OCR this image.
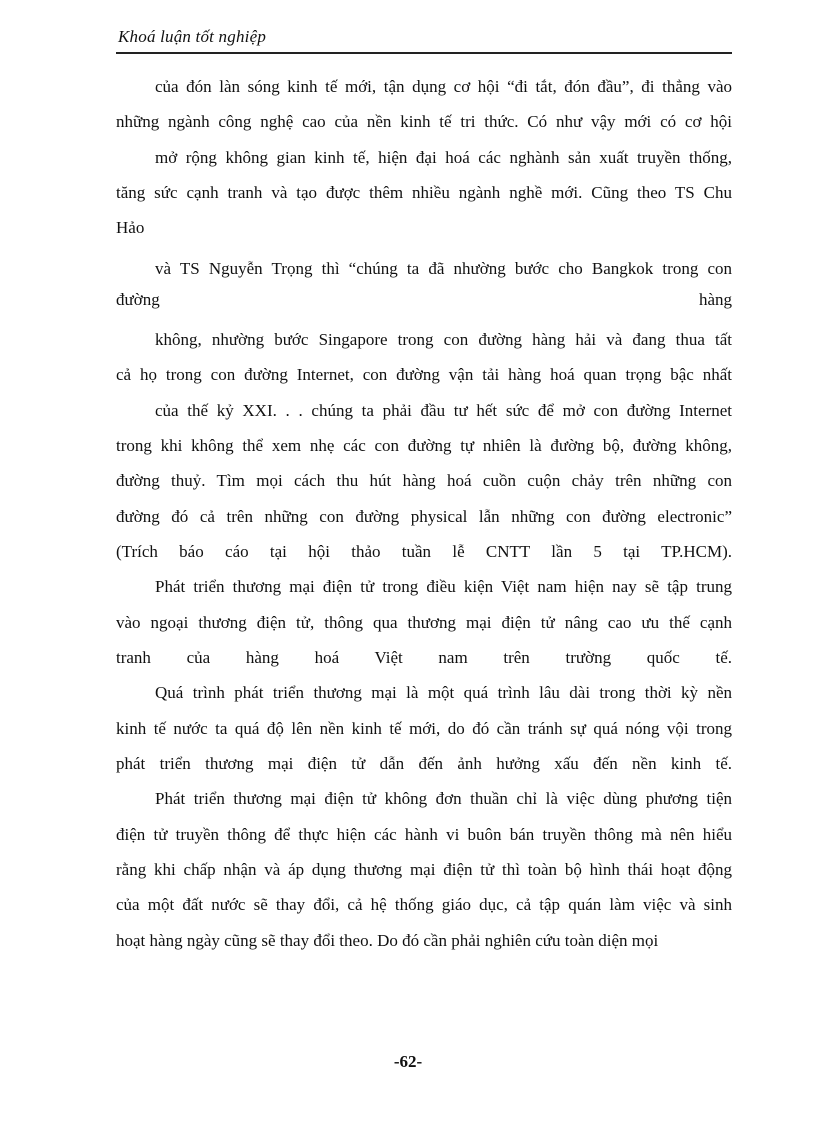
Khoá luận tốt nghiệp
của đón làn sóng kinh tế mới, tận dụng cơ hội “đi tắt, đón đầu”, đi thẳng vào
những ngành công nghệ cao của nền kinh tế tri thức. Có như vậy mới có cơ hội
mở rộng không gian kinh tế, hiện đại hoá các nghành sản xuất truyền thống,
tăng sức cạnh tranh và tạo được thêm nhiều ngành nghề mới. Cũng theo TS Chu
Hảo
và TS Nguyễn Trọng thì “chúng ta đã nhường bước cho Bangkok trong con
đường hàng
không, nhường bước Singapore trong con đường hàng hải và đang thua tất
cả họ trong con đường Internet, con đường vận tải hàng hoá quan trọng bậc nhất
của thế kỷ XXI. . . chúng ta phải đầu tư hết sức để mở con đường Internet
trong khi không thể xem nhẹ các con đường tự nhiên là đường bộ, đường không,
đường thuỷ. Tìm mọi cách thu hút hàng hoá cuồn cuộn chảy trên những con
đường đó cả trên những con đường physical lẫn những con đường electronic”
(Trích báo cáo tại hội thảo tuần lễ CNTT lần 5 tại TP.HCM).
Phát triển thương mại điện tử trong điều kiện Việt nam hiện nay sẽ tập trung
vào ngoại thương điện tử, thông qua thương mại điện tử nâng cao ưu thế cạnh
tranh của hàng hoá Việt nam trên trường quốc tế.
Quá trình phát triển thương mại là một quá trình lâu dài trong thời kỳ nền
kinh tế nước ta quá độ lên nền kinh tế mới, do đó cần tránh sự quá nóng vội trong
phát triển thương mại điện tử dẫn đến ảnh hưởng xấu đến nền kinh tế.
Phát triển thương mại điện tử không đơn thuần chỉ là việc dùng phương tiện
điện tử truyền thông để thực hiện các hành vi buôn bán truyền thông mà nên hiểu
rằng khi chấp nhận và áp dụng thương mại điện tử thì toàn bộ hình thái hoạt động
của một đất nước sẽ thay đổi, cả hệ thống giáo dục, cả tập quán làm việc và sinh
hoạt hàng ngày cũng sẽ thay đổi theo. Do đó cần phải nghiên cứu toàn diện mọi
-62-
